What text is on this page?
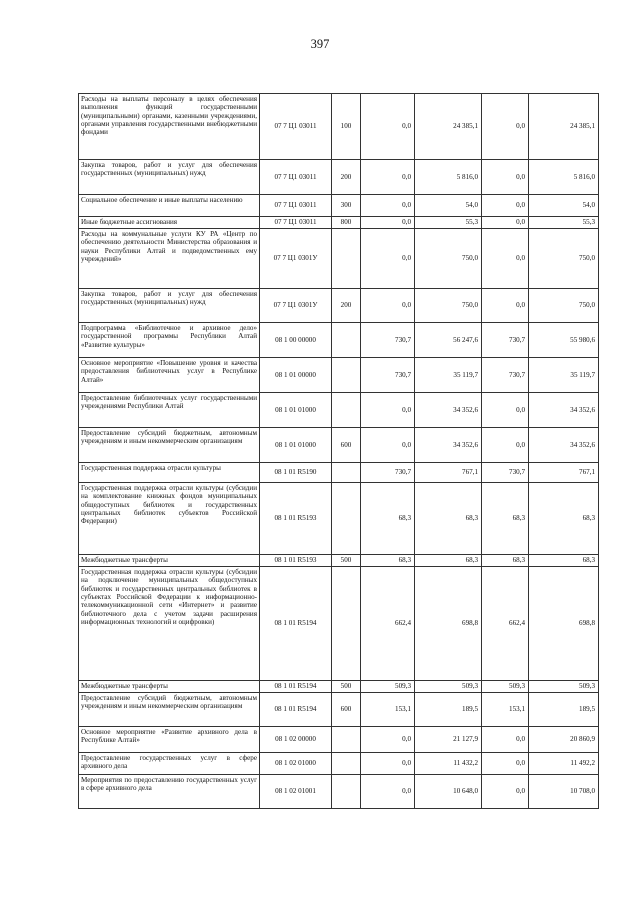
397
Расходы на выплаты персоналу в целях обеспечения выполнения функций государственными (муниципальными) органами, казенными учреждениями, органами управления государственными внебюджетными фондами	07 7 Ц1 03011	100	0,0	24 385,1	0,0	24 385,1
Закупка товаров, работ и услуг для обеспечения государственных (муниципальных) нужд	07 7 Ц1 03011	200	0,0	5 816,0	0,0	5 816,0
Социальное обеспечение и иные выплаты населению	07 7 Ц1 03011	300	0,0	54,0	0,0	54,0
Иные бюджетные ассигнования	07 7 Ц1 03011	800	0,0	55,3	0,0	55,3
Расходы на коммунальные услуги КУ РА «Центр по обеспечению деятельности Министерства образования и науки Республики Алтай и подведомственных ему учреждений»	07 7 Ц1 0301У		0,0	750,0	0,0	750,0
Закупка товаров, работ и услуг для обеспечения государственных (муниципальных) нужд	07 7 Ц1 0301У	200	0,0	750,0	0,0	750,0
Подпрограмма «Библиотечное и архивное дело» государственной программы Республики Алтай «Развитие культуры»	08 1 00 00000		730,7	56 247,6	730,7	55 980,6
Основное мероприятие «Повышение уровня и качества предоставления библиотечных услуг в Республике Алтай»	08 1 01 00000		730,7	35 119,7	730,7	35 119,7
Предоставление библиотечных услуг государственными учреждениями Республики Алтай	08 1 01 01000		0,0	34 352,6	0,0	34 352,6
Предоставление субсидий бюджетным, автономным учреждениям и иным некоммерческим организациям	08 1 01 01000	600	0,0	34 352,6	0,0	34 352,6
Государственная поддержка отрасли культуры	08 1 01 R5190		730,7	767,1	730,7	767,1
Государственная поддержка отрасли культуры (субсидии на комплектование книжных фондов муниципальных общедоступных библиотек и государственных центральных библиотек субъектов Российской Федерации)	08 1 01 R5193		68,3	68,3	68,3	68,3
Межбюджетные трансферты	08 1 01 R5193	500	68,3	68,3	68,3	68,3
Государственная поддержка отрасли культуры (субсидии на подключение муниципальных общедоступных библиотек и государственных центральных библиотек в субъектах Российской Федерации к информационно-телекоммуникационной сети «Интернет» и развитие библиотечного дела с учетом задачи расширения информационных технологий и оцифровки)	08 1 01 R5194		662,4	698,8	662,4	698,8
Межбюджетные трансферты	08 1 01 R5194	500	509,3	509,3	509,3	509,3
Предоставление субсидий бюджетным, автономным учреждениям и иным некоммерческим организациям	08 1 01 R5194	600	153,1	189,5	153,1	189,5
Основное мероприятие «Развитие архивного дела в Республике Алтай»	08 1 02 00000		0,0	21 127,9	0,0	20 860,9
Предоставление государственных услуг в сфере архивного дела	08 1 02 01000		0,0	11 432,2	0,0	11 492,2
Мероприятия по предоставлению государственных услуг в сфере архивного дела	08 1 02 01001		0,0	10 648,0	0,0	10 708,0
